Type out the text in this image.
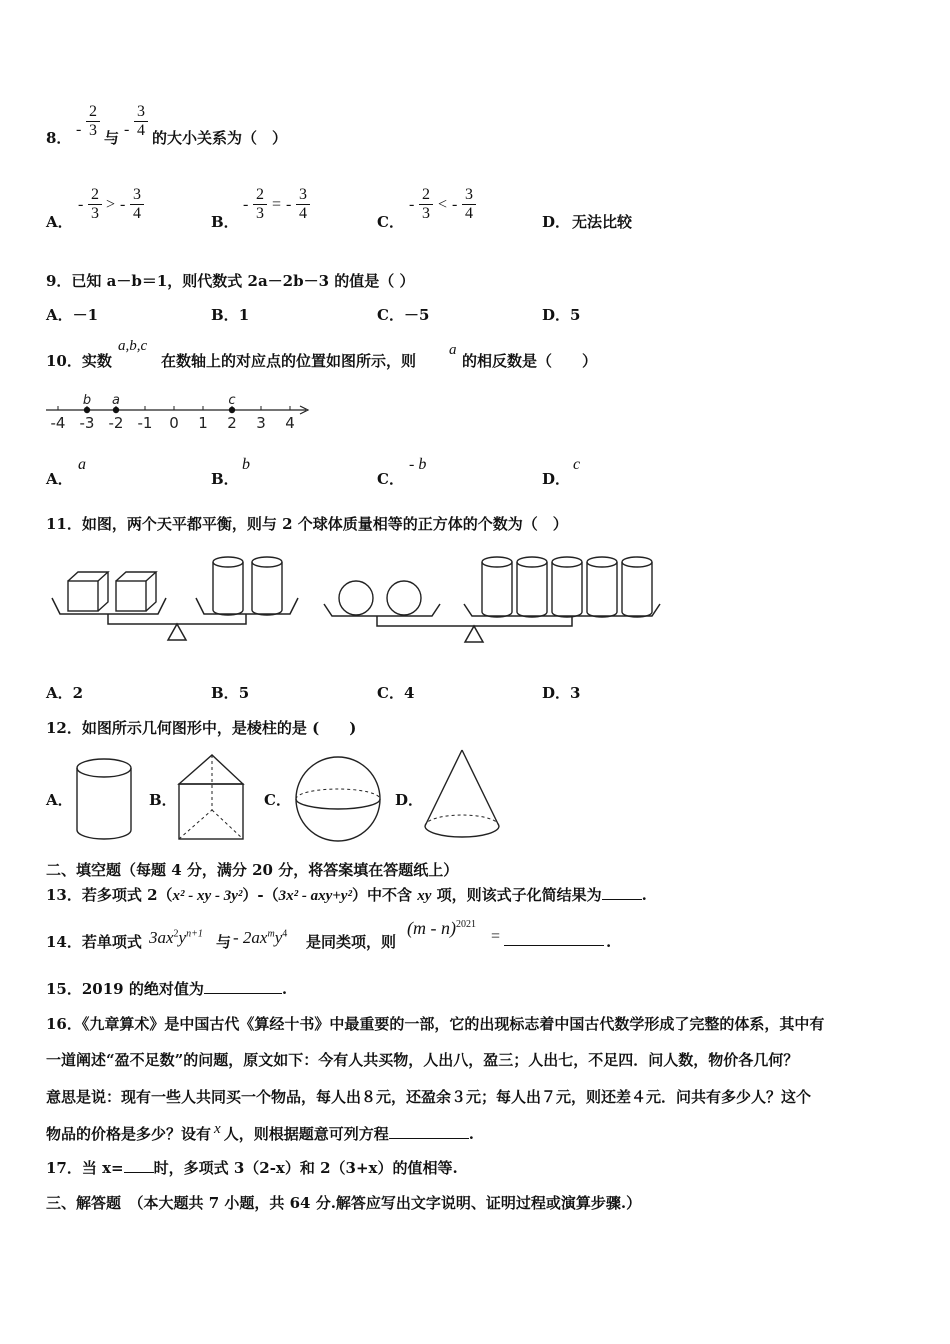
8． - $\frac{2}{3}$ 与 - $\frac{3}{4}$ 的大小关系为（　）
A．
- $\frac{2}{3}$ > - $\frac{3}{4}$	B．
- $\frac{2}{3}$ = - $\frac{3}{4}$	C．
- $\frac{2}{3}$ < - $\frac{3}{4}$	D． 无法比较
9．已知 a－b＝1，则代数式 2a－2b－3 的值是（ ）
A．－1	B．1	C．－5	D．5
10．实数
a,b,c
在数轴上的对应点的位置如图所示，则
a
的相反数是（　　）
-4 -3 -2 -1 0 1 2 3 4
b a	c
A．
a
B．
b
C．
- b
D．
c
11．如图，两个天平都平衡，则与 2 个球体质量相等的正方体的个数为（　）
A．2	B．5	C．4	D．3
12．如图所示几何图形中，是棱柱的是 (　　)
A．	B．	C．	D．
二、填空题（每题 4 分，满分 20 分，将答案填在答题纸上）
13．若多项式 2（x² - xy - 3y²）-（3x² - axy+y²）中不含 xy 项，则该式子化简结果为	.
14．若单项式 $3ax^2y^{n+1}$ 与 - $2ax^my^4$ 是同类项，则
(m - n)$^{2021}$
=	.
15．2019 的绝对值为	.
16．《九章算术》是中国古代《算经十书》中最重要的一部，它的出现标志着中国古代数学形成了完整的体系，其中有
一道阐述“盈不足数”的问题，原文如下：今有人共买物，人出八，盈三；人出七，不足四．问人数，物价各几何？
意思是说：现有一些人共同买一个物品，每人出８元，还盈余３元；每人出７元，则还差４元．问共有多少人？这个
物品的价格是多少？设有 x 人，则根据题意可列方程	.
17．当 x= 时，多项式 3（2-x）和 2（3+x）的值相等.
三、解答题　（本大题共 7 小题，共 64 分.解答应写出文字说明、证明过程或演算步骤.）
